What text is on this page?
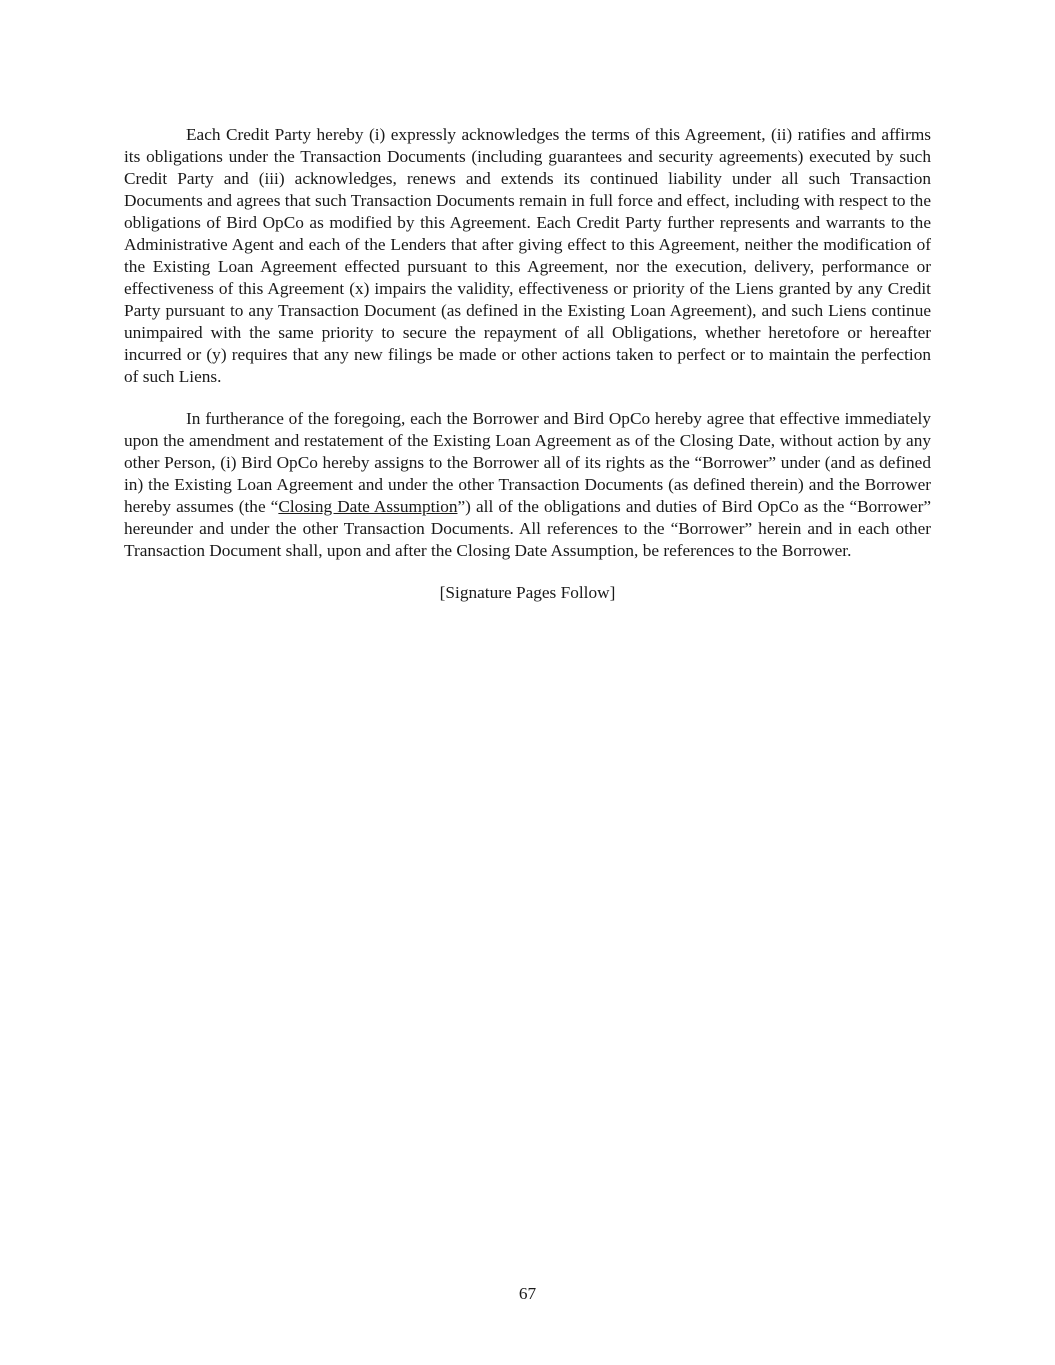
Each Credit Party hereby (i) expressly acknowledges the terms of this Agreement, (ii) ratifies and affirms its obligations under the Transaction Documents (including guarantees and security agreements) executed by such Credit Party and (iii) acknowledges, renews and extends its continued liability under all such Transaction Documents and agrees that such Transaction Documents remain in full force and effect, including with respect to the obligations of Bird OpCo as modified by this Agreement. Each Credit Party further represents and warrants to the Administrative Agent and each of the Lenders that after giving effect to this Agreement, neither the modification of the Existing Loan Agreement effected pursuant to this Agreement, nor the execution, delivery, performance or effectiveness of this Agreement (x) impairs the validity, effectiveness or priority of the Liens granted by any Credit Party pursuant to any Transaction Document (as defined in the Existing Loan Agreement), and such Liens continue unimpaired with the same priority to secure the repayment of all Obligations, whether heretofore or hereafter incurred or (y) requires that any new filings be made or other actions taken to perfect or to maintain the perfection of such Liens.

In furtherance of the foregoing, each the Borrower and Bird OpCo hereby agree that effective immediately upon the amendment and restatement of the Existing Loan Agreement as of the Closing Date, without action by any other Person, (i) Bird OpCo hereby assigns to the Borrower all of its rights as the “Borrower” under (and as defined in) the Existing Loan Agreement and under the other Transaction Documents (as defined therein) and the Borrower hereby assumes (the “Closing Date Assumption”) all of the obligations and duties of Bird OpCo as the “Borrower” hereunder and under the other Transaction Documents. All references to the “Borrower” herein and in each other Transaction Document shall, upon and after the Closing Date Assumption, be references to the Borrower.

[Signature Pages Follow]

67
